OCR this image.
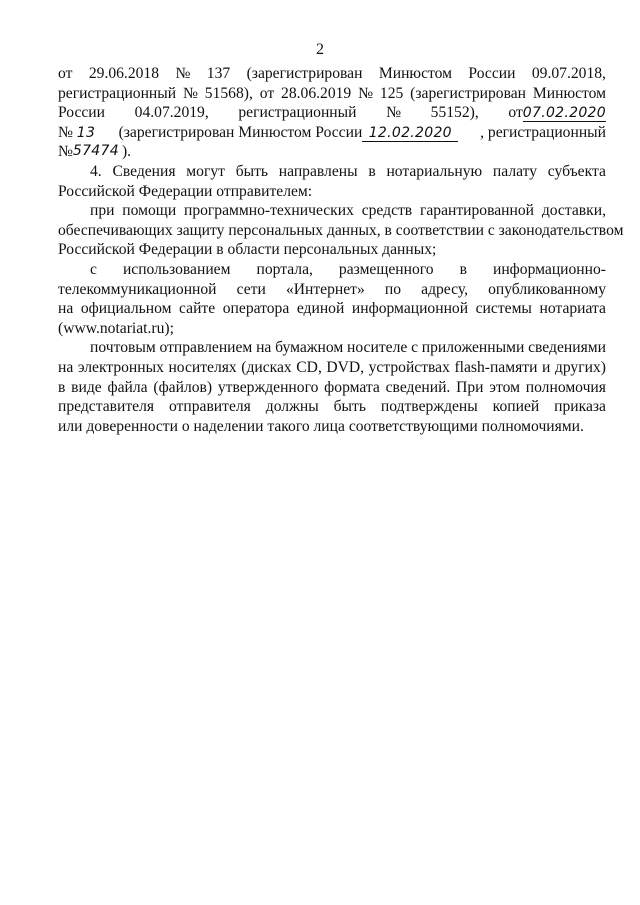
2
от 29.06.2018 № 137 (зарегистрирован Минюстом России 09.07.2018,
регистрационный № 51568), от 28.06.2019 № 125 (зарегистрирован Минюстом
России 04.07.2019, регистрационный № 55152), от07.02.2020
№ 13 (зарегистрирован Минюстом России 12.02.2020	, регистрационный
№ 57474 ).
4. Сведения могут быть направлены в нотариальную палату субъекта
Российской Федерации отправителем:
при помощи программно-технических средств гарантированной доставки,
обеспечивающих защиту персональных данных, в соответствии с законодательством
Российской Федерации в области персональных данных;
с использованием портала, размещенного в информационно-
телекоммуникационной сети «Интернет» по адресу, опубликованному
на официальном сайте оператора единой информационной системы нотариата
(www.notariat.ru);
почтовым отправлением на бумажном носителе с приложенными сведениями
на электронных носителях (дисках CD, DVD, устройствах flash-памяти и других)
в виде файла (файлов) утвержденного формата сведений. При этом полномочия
представителя отправителя должны быть подтверждены копией приказа
или доверенности о наделении такого лица соответствующими полномочиями.
